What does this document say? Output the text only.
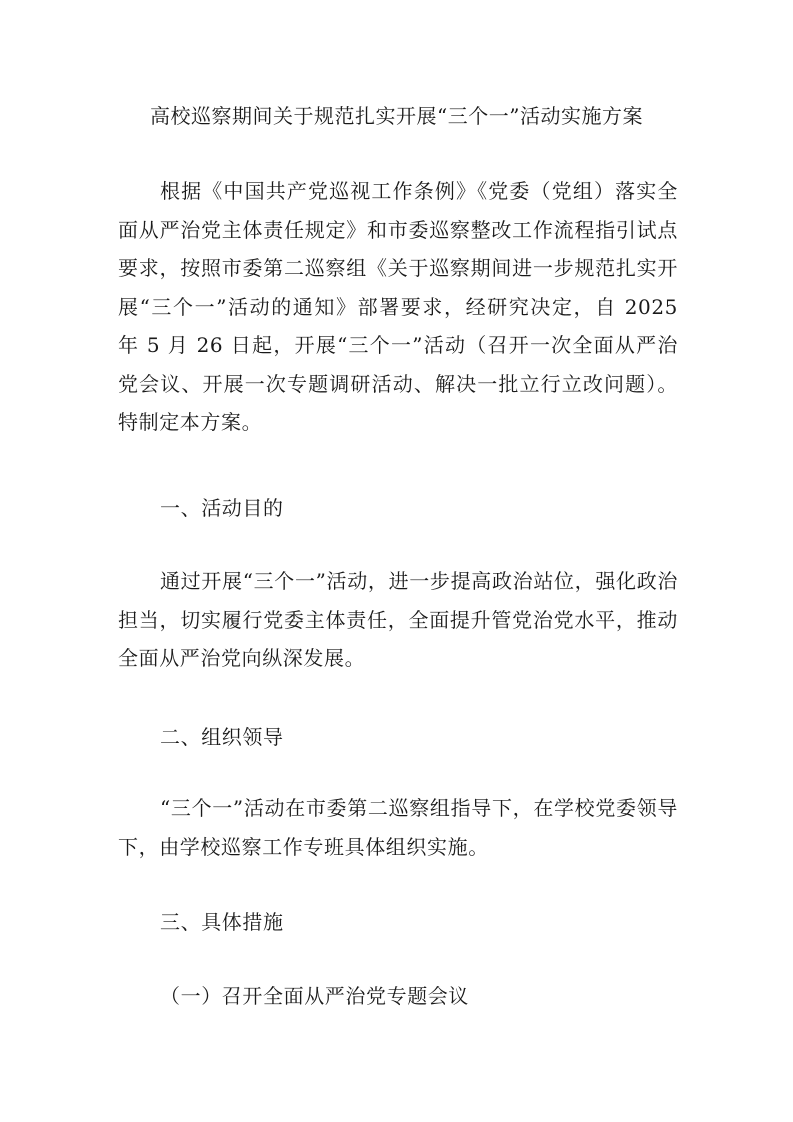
高校巡察期间关于规范扎实开展“三个一”活动实施方案

根据《中国共产党巡视工作条例》《党委（党组）落实全面从严治党主体责任规定》和市委巡察整改工作流程指引试点要求，按照市委第二巡察组《关于巡察期间进一步规范扎实开展“三个一”活动的通知》部署要求，经研究决定，自 2025 年 5 月 26 日起，开展“三个一”活动（召开一次全面从严治党会议、开展一次专题调研活动、解决一批立行立改问题）。特制定本方案。

一、活动目的

通过开展“三个一”活动，进一步提高政治站位，强化政治担当，切实履行党委主体责任，全面提升管党治党水平，推动全面从严治党向纵深发展。

二、组织领导

“三个一”活动在市委第二巡察组指导下，在学校党委领导下，由学校巡察工作专班具体组织实施。

三、具体措施

（一）召开全面从严治党专题会议
